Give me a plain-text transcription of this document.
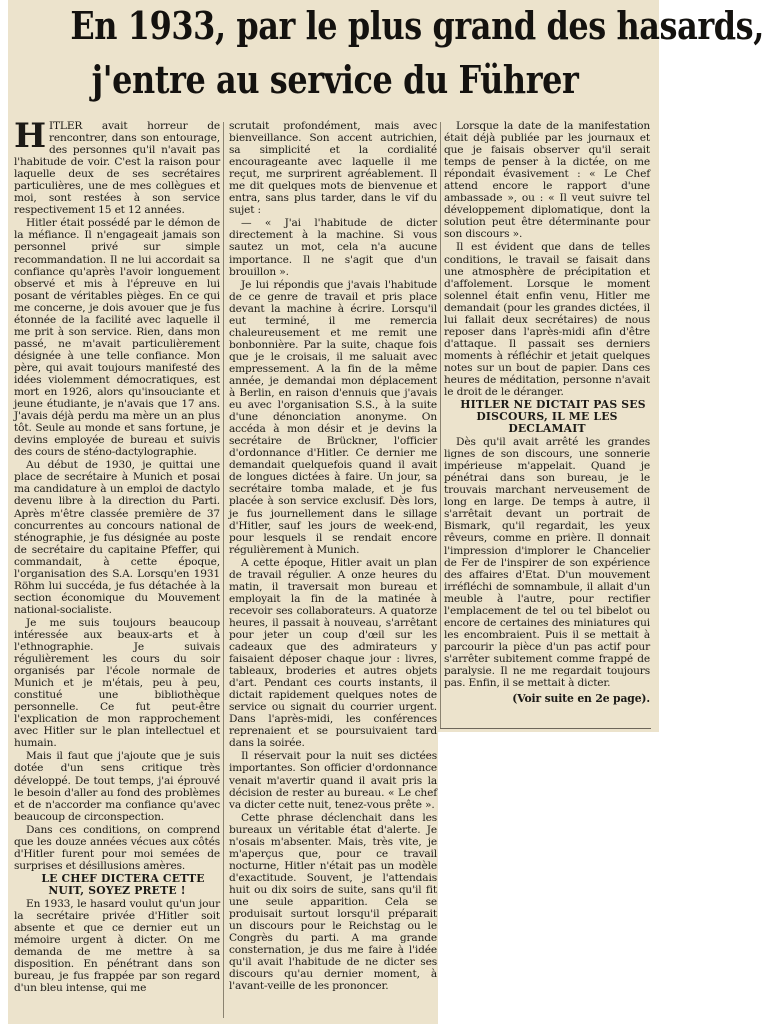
En 1933, par le plus grand des hasards,
j'entre au service du Führer

HITLER avait horreur de rencontrer, dans son entourage, des personnes qu'il n'avait pas l'habitude de voir. C'est la raison pour laquelle deux de ses secrétaires particulières, une de mes collègues et moi, sont restées à son service respectivement 15 et 12 années.

Hitler était possédé par le démon de la méfiance. Il n'engageait jamais son personnel privé sur simple recommandation. Il ne lui accordait sa confiance qu'après l'avoir longuement observé et mis à l'épreuve en lui posant de véritables pièges. En ce qui me concerne, je dois avouer que je fus étonnée de la facilité avec laquelle il me prit à son service. Rien, dans mon passé, ne m'avait particulièrement désignée à une telle confiance. Mon père, qui avait toujours manifesté des idées violemment démocratiques, est mort en 1926, alors qu'insouciante et jeune étudiante, je n'avais que 17 ans. J'avais déjà perdu ma mère un an plus tôt. Seule au monde et sans fortune, je devins employée de bureau et suivis des cours de sténo-dactylographie.

Au début de 1930, je quittai une place de secrétaire à Munich et posai ma candidature à un emploi de dactylo devenu libre à la direction du Parti. Après m'être classée première de 37 concurrentes au concours national de sténographie, je fus désignée au poste de secrétaire du capitaine Pfeffer, qui commandait, à cette époque, l'organisation des S.A. Lorsqu'en 1931 Röhm lui succéda, je fus détachée à la section économique du Mouvement national-socialiste.

Je me suis toujours beaucoup intéressée aux beaux-arts et à l'ethnographie. Je suivais régulièrement les cours du soir organisés par l'école normale de Munich et je m'étais, peu à peu, constitué une bibliothèque personnelle. Ce fut peut-être l'explication de mon rapprochement avec Hitler sur le plan intellectuel et humain.

Mais il faut que j'ajoute que je suis dotée d'un sens critique très développé. De tout temps, j'ai éprouvé le besoin d'aller au fond des problèmes et de n'accorder ma confiance qu'avec beaucoup de circonspection.

Dans ces conditions, on comprend que les douze années vécues aux côtés d'Hitler furent pour moi semées de surprises et désillusions amères.

LE CHEF DICTERA CETTE NUIT, SOYEZ PRETE !

En 1933, le hasard voulut qu'un jour la secrétaire privée d'Hitler soit absente et que ce dernier eut un mémoire urgent à dicter. On me demanda de me mettre à sa disposition. En pénétrant dans son bureau, je fus frappée par son regard d'un bleu intense, qui me

scrutait profondément, mais avec bienveillance. Son accent autrichien, sa simplicité et la cordialité encourageante avec laquelle il me reçut, me surprirent agréablement. Il me dit quelques mots de bienvenue et entra, sans plus tarder, dans le vif du sujet :

— « J'ai l'habitude de dicter directement à la machine. Si vous sautez un mot, cela n'a aucune importance. Il ne s'agit que d'un brouillon ».

Je lui répondis que j'avais l'habitude de ce genre de travail et pris place devant la machine à écrire. Lorsqu'il eut terminé, il me remercia chaleureusement et me remit une bonbonnière. Par la suite, chaque fois que je le croisais, il me saluait avec empressement. A la fin de la même année, je demandai mon déplacement à Berlin, en raison d'ennuis que j'avais eu avec l'organisation S.S., à la suite d'une dénonciation anonyme. On accéda à mon désir et je devins la secrétaire de Brückner, l'officier d'ordonnance d'Hitler. Ce dernier me demandait quelquefois quand il avait de longues dictées à faire. Un jour, sa secrétaire tomba malade, et je fus placée à son service exclusif. Dès lors, je fus journellement dans le sillage d'Hitler, sauf les jours de week-end, pour lesquels il se rendait encore régulièrement à Munich.

A cette époque, Hitler avait un plan de travail régulier. A onze heures du matin, il traversait mon bureau et employait la fin de la matinée à recevoir ses collaborateurs. A quatorze heures, il passait à nouveau, s'arrêtant pour jeter un coup d'œil sur les cadeaux que des admirateurs y faisaient déposer chaque jour : livres, tableaux, broderies et autres objets d'art. Pendant ces courts instants, il dictait rapidement quelques notes de service ou signait du courrier urgent. Dans l'après-midi, les conférences reprenaient et se poursuivaient tard dans la soirée.

Il réservait pour la nuit ses dictées importantes. Son officier d'ordonnance venait m'avertir quand il avait pris la décision de rester au bureau. « Le chef va dicter cette nuit, tenez-vous prête ».

Cette phrase déclenchait dans les bureaux un véritable état d'alerte. Je n'osais m'absenter. Mais, très vite, je m'aperçus que, pour ce travail nocturne, Hitler n'était pas un modèle d'exactitude. Souvent, je l'attendais huit ou dix soirs de suite, sans qu'il fit une seule apparition. Cela se produisait surtout lorsqu'il préparait un discours pour le Reichstag ou le Congrès du parti. A ma grande consternation, je dus me faire à l'idée qu'il avait l'habitude de ne dicter ses discours qu'au dernier moment, à l'avant-veille de les prononcer.

Lorsque la date de la manifestation était déjà publiée par les journaux et que je faisais observer qu'il serait temps de penser à la dictée, on me répondait évasivement : « Le Chef attend encore le rapport d'une ambassade », ou : « Il veut suivre tel développement diplomatique, dont la solution peut être déterminante pour son discours ».

Il est évident que dans de telles conditions, le travail se faisait dans une atmosphère de précipitation et d'affolement. Lorsque le moment solennel était enfin venu, Hitler me demandait (pour les grandes dictées, il lui fallait deux secrétaires) de nous reposer dans l'après-midi afin d'être d'attaque. Il passait ses derniers moments à réfléchir et jetait quelques notes sur un bout de papier. Dans ces heures de méditation, personne n'avait le droit de le déranger.

HITLER NE DICTAIT PAS SES DISCOURS, IL ME LES DECLAMAIT

Dès qu'il avait arrêté les grandes lignes de son discours, une sonnerie impérieuse m'appelait. Quand je pénétrai dans son bureau, je le trouvais marchant nerveusement de long en large. De temps à autre, il s'arrêtait devant un portrait de Bismark, qu'il regardait, les yeux rêveurs, comme en prière. Il donnait l'impression d'implorer le Chancelier de Fer de l'inspirer de son expérience des affaires d'Etat. D'un mouvement irréfléchi de somnambule, il allait d'un meuble à l'autre, pour rectifier l'emplacement de tel ou tel bibelot ou encore de certaines des miniatures qui les encombraient. Puis il se mettait à parcourir la pièce d'un pas actif pour s'arrêter subitement comme frappé de paralysie. Il ne me regardait toujours pas. Enfin, il se mettait à dicter.

(Voir suite en 2e page).
